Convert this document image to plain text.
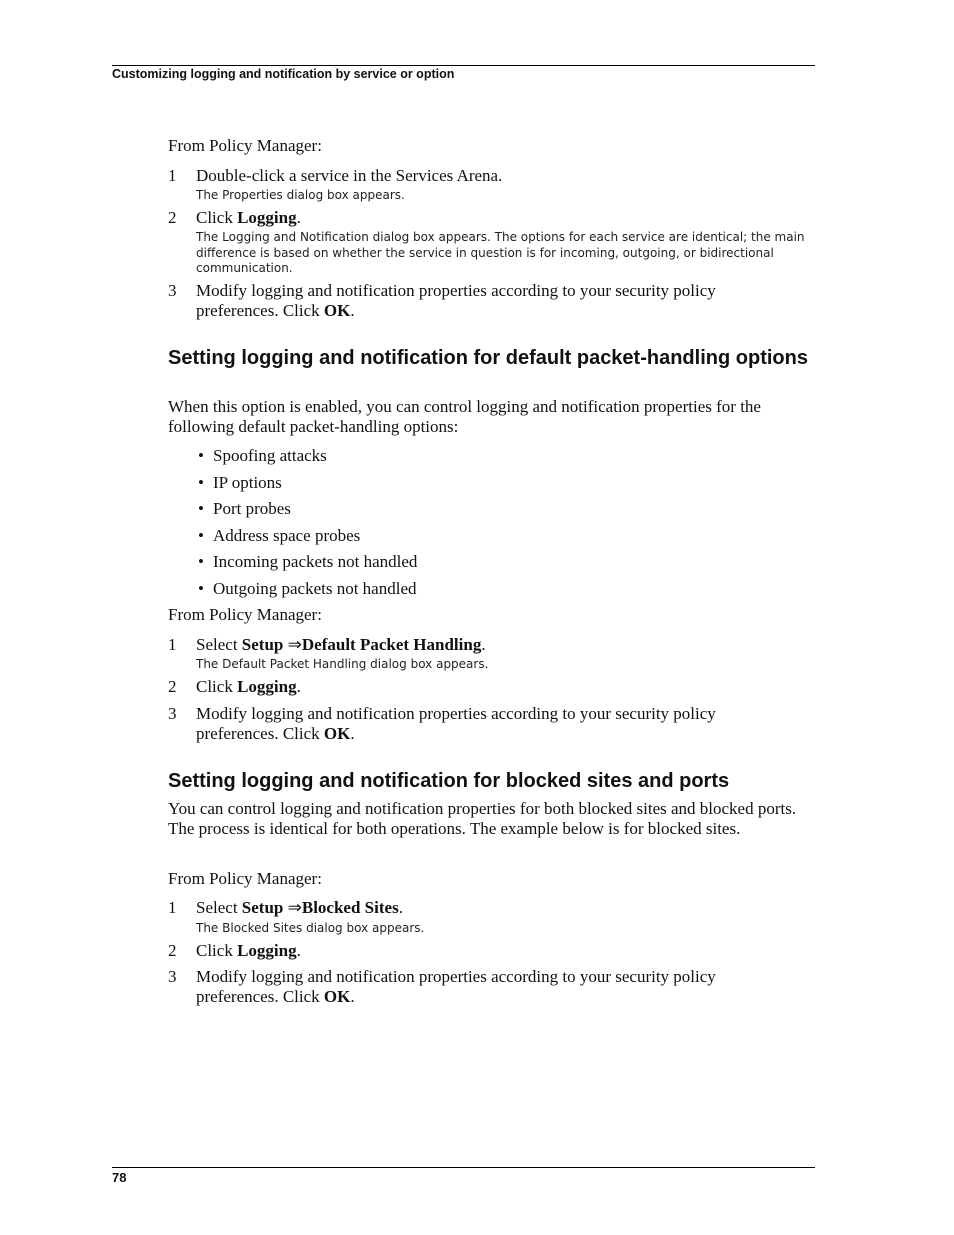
Customizing logging and notification by service or option
From Policy Manager:
1 Double-click a service in the Services Arena.
The Properties dialog box appears.
2 Click Logging.
The Logging and Notification dialog box appears. The options for each service are identical; the main difference is based on whether the service in question is for incoming, outgoing, or bidirectional communication.
3 Modify logging and notification properties according to your security policy preferences. Click OK.
Setting logging and notification for default packet-handling options
When this option is enabled, you can control logging and notification properties for the following default packet-handling options:
• Spoofing attacks
• IP options
• Port probes
• Address space probes
• Incoming packets not handled
• Outgoing packets not handled
From Policy Manager:
1 Select Setup ⇒Default Packet Handling.
The Default Packet Handling dialog box appears.
2 Click Logging.
3 Modify logging and notification properties according to your security policy preferences. Click OK.
Setting logging and notification for blocked sites and ports
You can control logging and notification properties for both blocked sites and blocked ports. The process is identical for both operations. The example below is for blocked sites.
From Policy Manager:
1 Select Setup ⇒Blocked Sites.
The Blocked Sites dialog box appears.
2 Click Logging.
3 Modify logging and notification properties according to your security policy preferences. Click OK.
78
